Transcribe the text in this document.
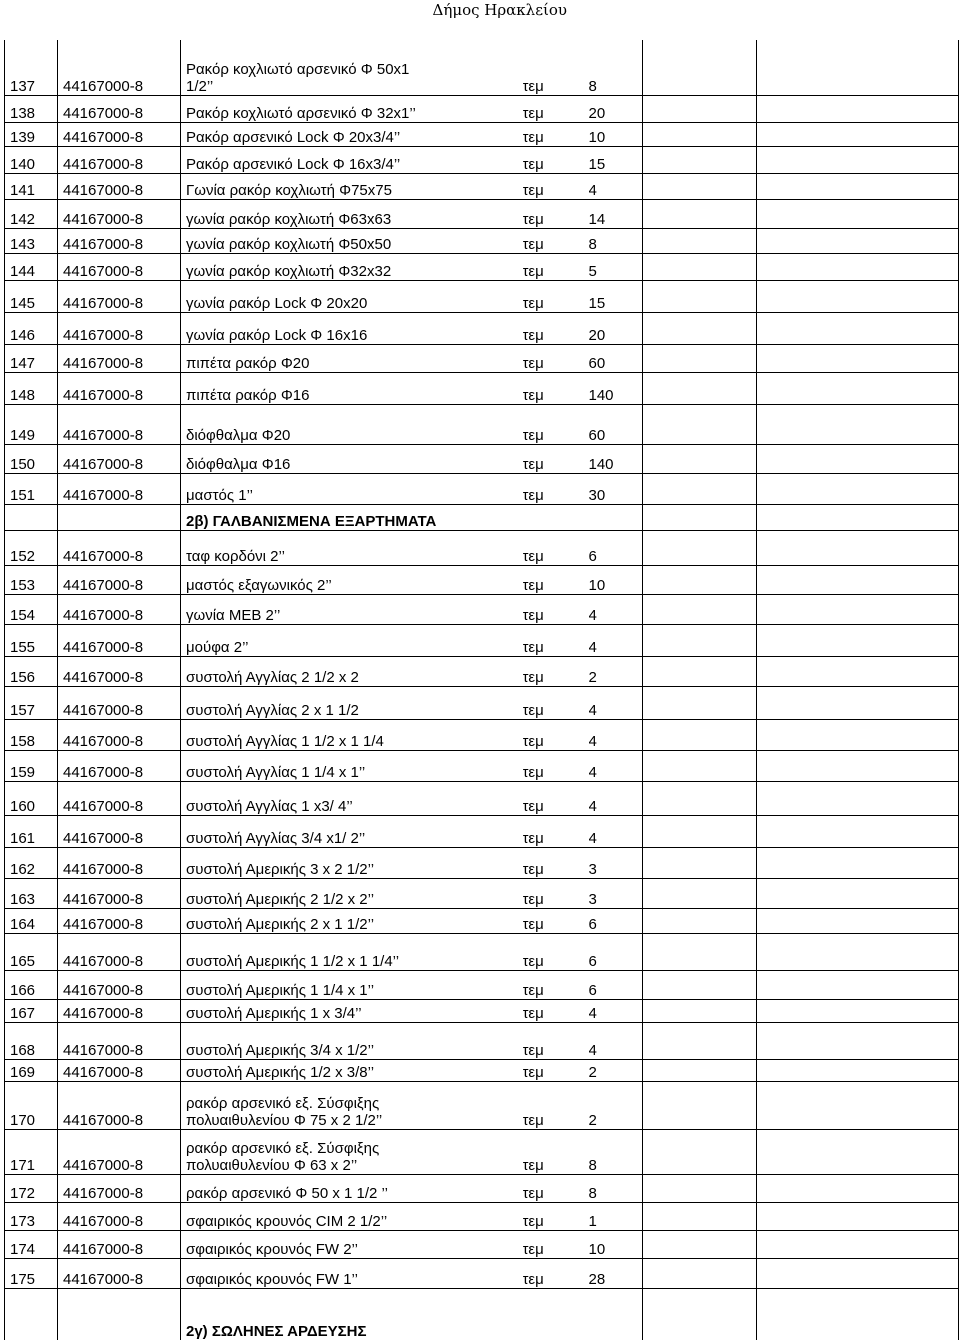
Δήμος Ηρακλείου
137	44167000-8	Ρακόρ κοχλιωτό αρσενικό Φ 50x1
1/2’’	τεμ	8		
138	44167000-8	Ρακόρ κοχλιωτό αρσενικό Φ 32x1’’	τεμ	20		
139	44167000-8	Ρακόρ αρσενικό Lock Φ 20x3/4’’	τεμ	10		
140	44167000-8	Ρακόρ αρσενικό Lock Φ 16x3/4’’	τεμ	15		
141	44167000-8	Γωνία ρακόρ κοχλιωτή Φ75x75	τεμ	4		
142	44167000-8	γωνία ρακόρ κοχλιωτή Φ63x63	τεμ	14		
143	44167000-8	γωνία ρακόρ κοχλιωτή Φ50x50	τεμ	8		
144	44167000-8	γωνία ρακόρ κοχλιωτή Φ32x32	τεμ	5		
145	44167000-8	γωνία ρακόρ Lock Φ 20x20	τεμ	15		
146	44167000-8	γωνία ρακόρ Lock Φ 16x16	τεμ	20		
147	44167000-8	πιπέτα ρακόρ Φ20	τεμ	60		
148	44167000-8	πιπέτα ρακόρ Φ16	τεμ	140		
149	44167000-8	διόφθαλμα Φ20	τεμ	60		
150	44167000-8	διόφθαλμα Φ16	τεμ	140		
151	44167000-8	μαστός 1’’	τεμ	30		
		2β) ΓΑΛΒΑΝΙΣΜΕΝΑ ΕΞΑΡΤΗΜΑΤΑ				
152	44167000-8	ταφ κορδόνι 2’’	τεμ	6		
153	44167000-8	μαστός εξαγωνικός 2’’	τεμ	10		
154	44167000-8	γωνία ΜΕΒ 2’’	τεμ	4		
155	44167000-8	μούφα 2’’	τεμ	4		
156	44167000-8	συστολή Αγγλίας 2 1/2 x 2	τεμ	2		
157	44167000-8	συστολή Αγγλίας 2 x 1 1/2	τεμ	4		
158	44167000-8	συστολή Αγγλίας 1 1/2 x 1 1/4	τεμ	4		
159	44167000-8	συστολή Αγγλίας 1 1/4 x 1’’	τεμ	4		
160	44167000-8	συστολή Αγγλίας 1 x3/ 4’’	τεμ	4		
161	44167000-8	συστολή Αγγλίας 3/4 x1/ 2’’	τεμ	4		
162	44167000-8	συστολή Αμερικής 3 x 2 1/2’’	τεμ	3		
163	44167000-8	συστολή Αμερικής 2 1/2 x 2’’	τεμ	3		
164	44167000-8	συστολή Αμερικής 2 x 1 1/2’’	τεμ	6		
165	44167000-8	συστολή Αμερικής 1 1/2 x 1 1/4’’	τεμ	6		
166	44167000-8	συστολή Αμερικής 1 1/4 x 1’’	τεμ	6		
167	44167000-8	συστολή Αμερικής 1 x 3/4’’	τεμ	4		
168	44167000-8	συστολή Αμερικής 3/4 x 1/2’’	τεμ	4		
169	44167000-8	συστολή Αμερικής 1/2 x 3/8’’	τεμ	2		
170	44167000-8	ρακόρ αρσενικό εξ. Σύσφιξης
πολυαιθυλενίου Φ 75 x 2 1/2’’	τεμ	2		
171	44167000-8	ρακόρ αρσενικό εξ. Σύσφιξης
πολυαιθυλενίου Φ 63 x 2’’	τεμ	8		
172	44167000-8	ρακόρ αρσενικό Φ 50 x 1 1/2 ’’	τεμ	8		
173	44167000-8	σφαιρικός κρουνός CIM 2 1/2’’	τεμ	1		
174	44167000-8	σφαιρικός κρουνός FW 2’’	τεμ	10		
175	44167000-8	σφαιρικός κρουνός FW 1’’	τεμ	28		
		2γ) ΣΩΛΗΝΕΣ ΑΡΔΕΥΣΗΣ				
